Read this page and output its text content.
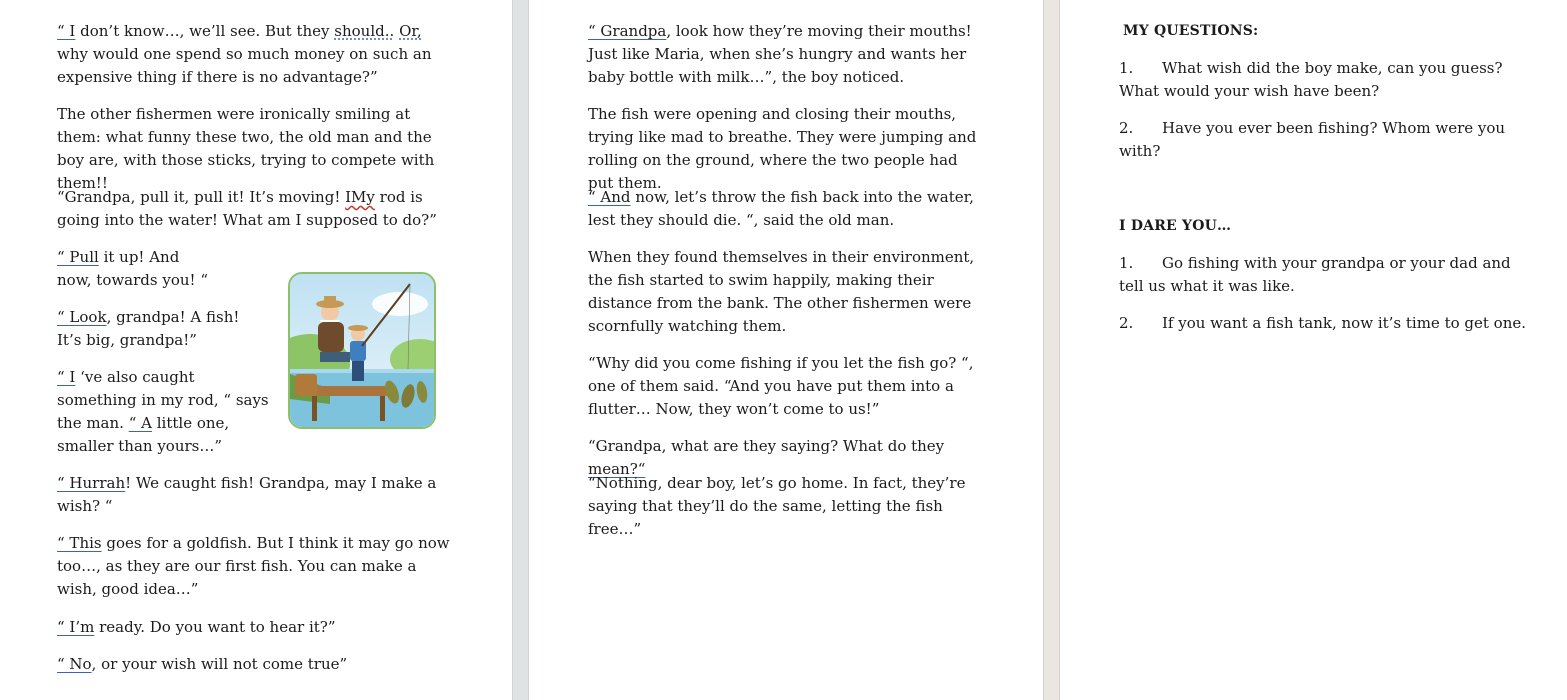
“ I don’t know…, we’ll see. But they should.. Or, why would one spend so much money on such an expensive thing if there is no advantage?”

The other fishermen were ironically smiling at them: what funny these two, the old man and the boy are, with those sticks, trying to compete with them!!

“Grandpa, pull it, pull it! It’s moving! IMy rod is going into the water! What am I supposed to do?”

“ Pull it up! And now, towards you! “

“ Look, grandpa! A fish! It’s big, grandpa!”

“ I ‘ve also caught something in my rod, “ says the man. “ A little one, smaller than yours…”

“ Hurrah! We caught fish! Grandpa, may I make a wish? “

“ This goes for a goldfish. But I think it may go now too…, as they are our first fish. You can make a wish, good idea…”

“ I’m ready. Do you want to hear it?”

“ No, or your wish will not come true”

“ Grandpa, look how they’re moving their mouths! Just like Maria, when she’s hungry and wants her baby bottle with milk…”, the boy noticed.

The fish were opening and closing their mouths, trying like mad to breathe. They were jumping and rolling on the ground, where the two people had put them.

“ And now, let’s throw the fish back into the water, lest they should die. “, said the old man.

When they found themselves in their environment, the fish started to swim happily, making their distance from the bank. The other fishermen were scornfully watching them.

“Why did you come fishing if you let the fish go? “, one of them said. “And you have put them into a flutter… Now, they won’t come to us!”

“Grandpa, what are they saying? What do they mean?“

“Nothing, dear boy, let’s go home. In fact, they’re saying that they’ll do the same, letting the fish free…”

MY QUESTIONS:

1. What wish did the boy make, can you guess? What would your wish have been?

2. Have you ever been fishing? Whom were you with?

I DARE YOU…

1. Go fishing with your grandpa or your dad and tell us what it was like.

2. If you want a fish tank, now it’s time to get one.
